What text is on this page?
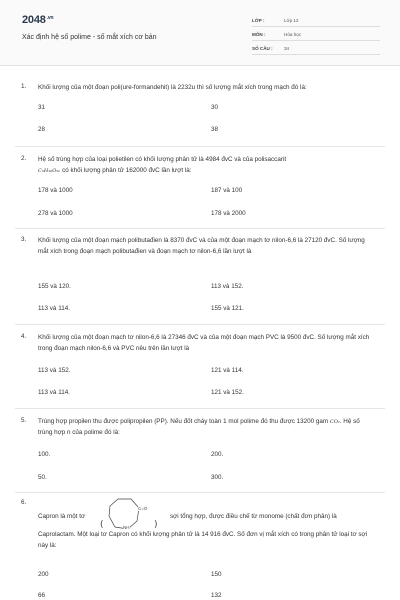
$2048^{.vn}$
Xác định hệ số polime - số mắt xích cơ bản
LỚP :	Lớp 12
MÔN :	Hóa học
SỐ CÂU : 34
1. Khối lượng của một đoạn poli(ure-formandehit) là 2232u thì số lượng mắt xích trong mạch đó là:
31	30
28	38
2. Hệ số trùng hợp của loại polietilen có khối lượng phân tử là 4984 đvC và của polisaccarit
C₆H₁₀O₅ₙ có khối lượng phân tử 162000 đvC lần lượt là:
178 và 1000	187 và 100
278 và 1000	178 và 2000
3. Khối lượng của một đoạn mạch polibutađien là 8370 đvC và của một đoạn mạch tơ nilon-6,6 là 27120 đvC. Số lượng mắt xích trong đoạn mạch polibutađien và đoạn mạch tơ nilon-6,6 lần lượt là
155 và 120.	113 và 152.
113 và 114.	155 và 121.
4. Khối lượng của một đoạn mạch tơ nilon-6,6 là 27346 đvC và của một đoạn mạch PVC là 9500 đvC. Số lượng mắt xích trong đoạn mạch nilon-6,6 và PVC nêu trên lần lượt là
113 và 152.	121 và 114.
113 và 114.	121 và 152.
5. Trùng hợp propilen thu được polipropilen (PP). Nếu đốt cháy toàn 1 mol polime đó thu được 13200 gam CO₂. Hệ số trùng hợp n của polime đó là:
100.	200.
50.	300.
6.
Capron là một tơ
(	)
C=O
NH
sợi tổng hợp, được điều chế từ monome (chất đơn phân) là
Caprolactam. Một loại tơ Capron có khối lượng phân tử là 14 916 đvC. Số đơn vị mắt xích có trong phân tử loại tơ sợi này là:
200	150
66	132
